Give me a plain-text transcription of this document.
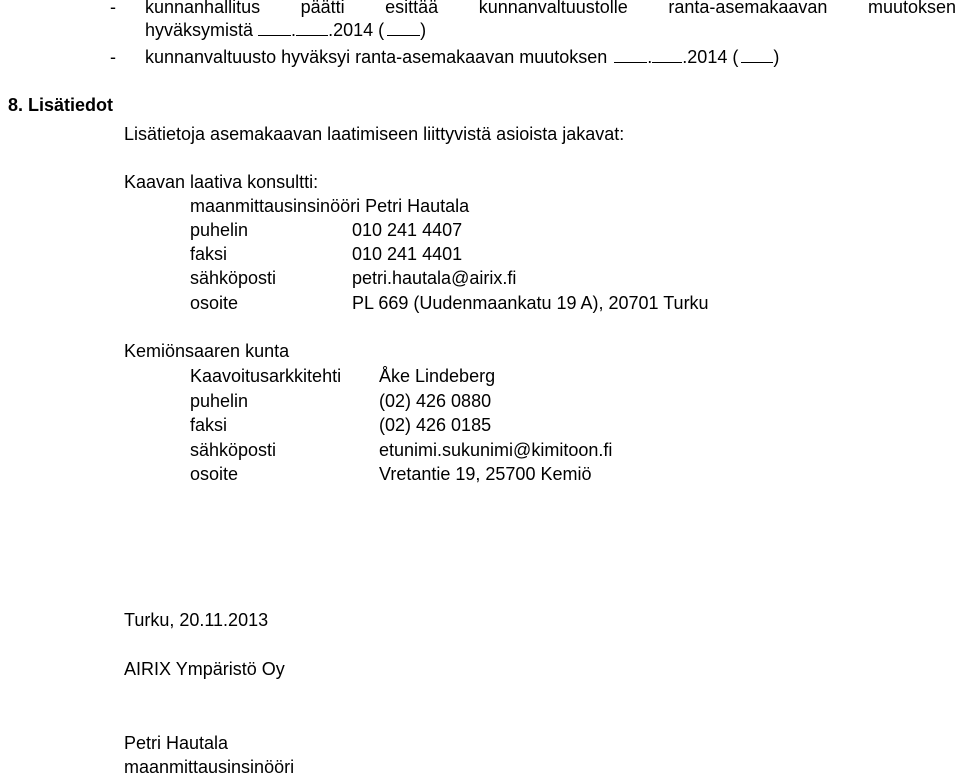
- kunnanhallitus päätti esittää kunnanvaltuustolle ranta-asemakaavan muutoksen
hyväksymistä . .2014 ( )
- kunnanvaltuusto hyväksyi ranta-asemakaavan muutoksen . .2014 ( )
8. Lisätiedot
Lisätietoja asemakaavan laatimiseen liittyvistä asioista jakavat:
Kaavan laativa konsultti:
maanmittausinsinööri Petri Hautala
puhelin	010 241 4407
faksi	010 241 4401
sähköposti	petri.hautala@airix.fi
osoite	PL 669 (Uudenmaankatu 19 A), 20701 Turku
Kemiönsaaren kunta
Kaavoitusarkkitehti Åke Lindeberg
puhelin	(02) 426 0880
faksi	(02) 426 0185
sähköposti	etunimi.sukunimi@kimitoon.fi
osoite	Vretantie 19, 25700 Kemiö
Turku, 20.11.2013
AIRIX Ympäristö Oy
Petri Hautala
maanmittausinsinööri
